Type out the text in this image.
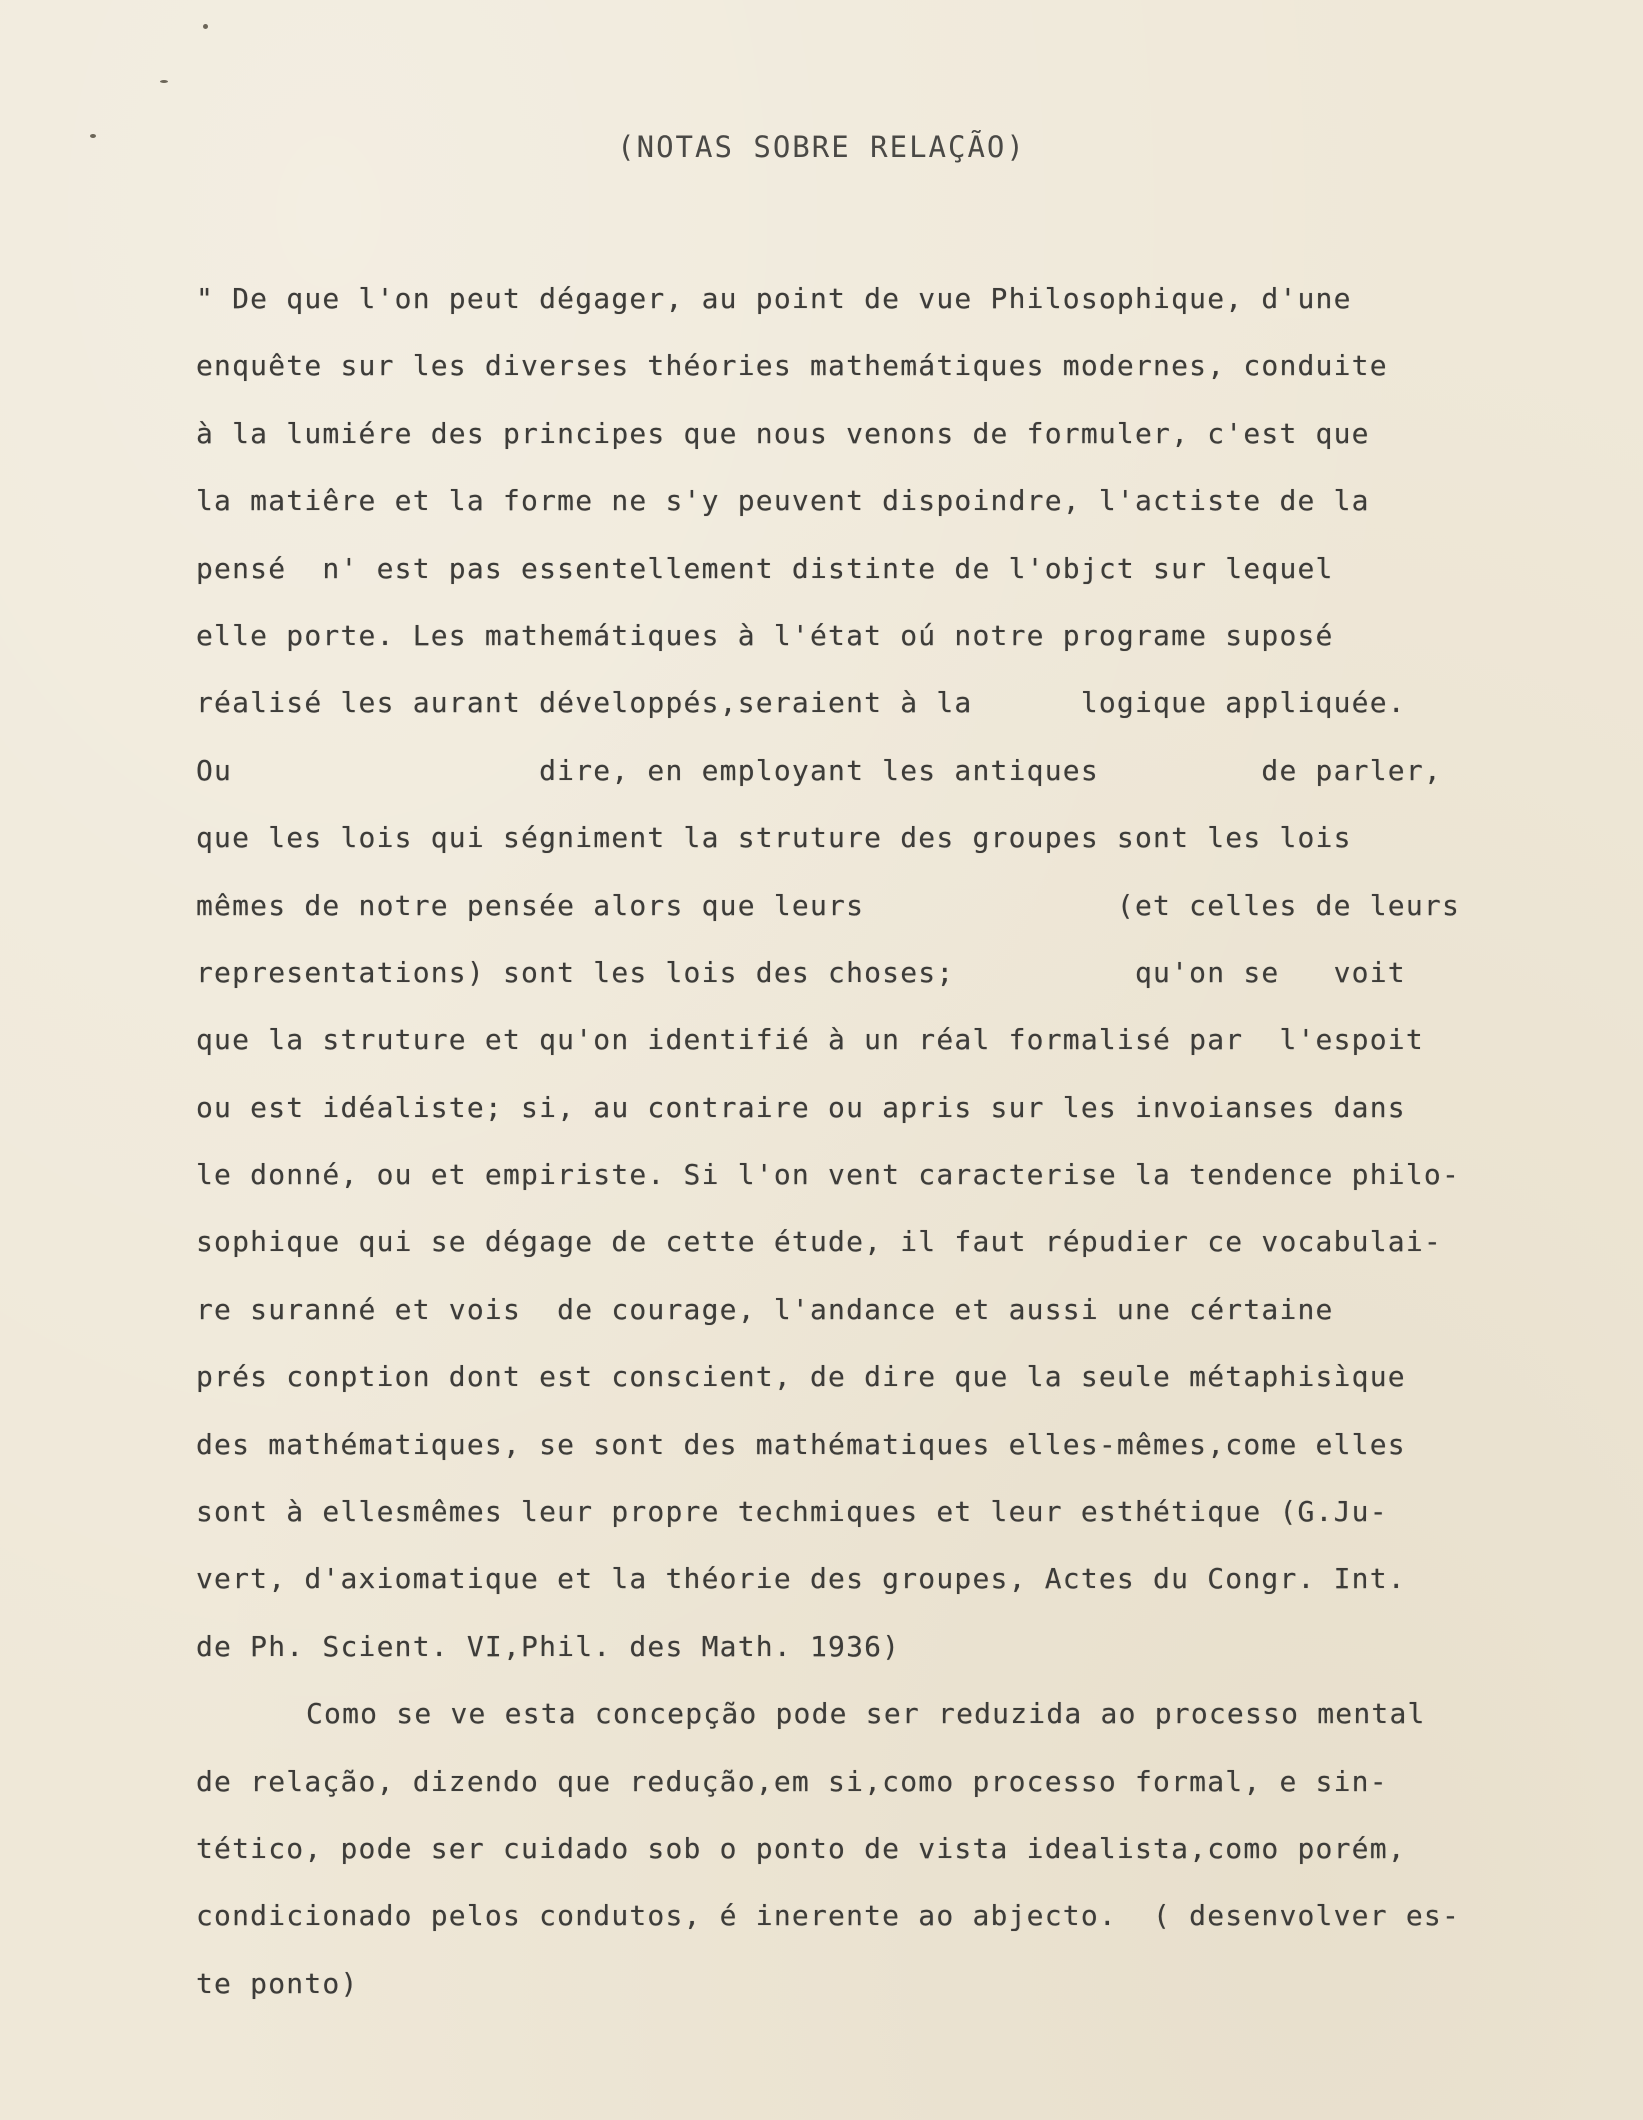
(NOTAS SOBRE RELAÇÃO)
" De que l'on peut dégager, au point de vue Philosophique, d'une
enquête sur les diverses théories mathemátiques modernes, conduite
à la lumiére des principes que nous venons de formuler, c'est que
la matiêre et la forme ne s'y peuvent dispoindre, l'actiste de la
pensé  n' est pas essentellement distinte de l'objct sur lequel
elle porte. Les mathemátiques à l'état oú notre programe suposé
réalisé les aurant développés,seraient à la      logique appliquée.
Ou                 dire, en employant les antiques         de parler,
que les lois qui ségniment la struture des groupes sont les lois
mêmes de notre pensée alors que leurs              (et celles de leurs
representations) sont les lois des choses;          qu'on se   voit
que la struture et qu'on identifié à un réal formalisé par  l'espoit
ou est idéaliste; si, au contraire ou apris sur les invoianses dans
le donné, ou et empiriste. Si l'on vent caracterise la tendence philo-
sophique qui se dégage de cette étude, il faut répudier ce vocabulai-
re suranné et vois  de courage, l'andance et aussi une cértaine
prés conption dont est conscient, de dire que la seule métaphisìque
des mathématiques, se sont des mathématiques elles-mêmes,come elles
sont à ellesmêmes leur propre techmiques et leur esthétique (G.Ju-
vert, d'axiomatique et la théorie des groupes, Actes du Congr. Int.
de Ph. Scient. VI,Phil. des Math. 1936)
Como se ve esta concepção pode ser reduzida ao processo mental
de relação, dizendo que redução,em si,como processo formal, e sin-
tético, pode ser cuidado sob o ponto de vista idealista,como porém,
condicionado pelos condutos, é inerente ao abjecto.  ( desenvolver es-
te ponto)
